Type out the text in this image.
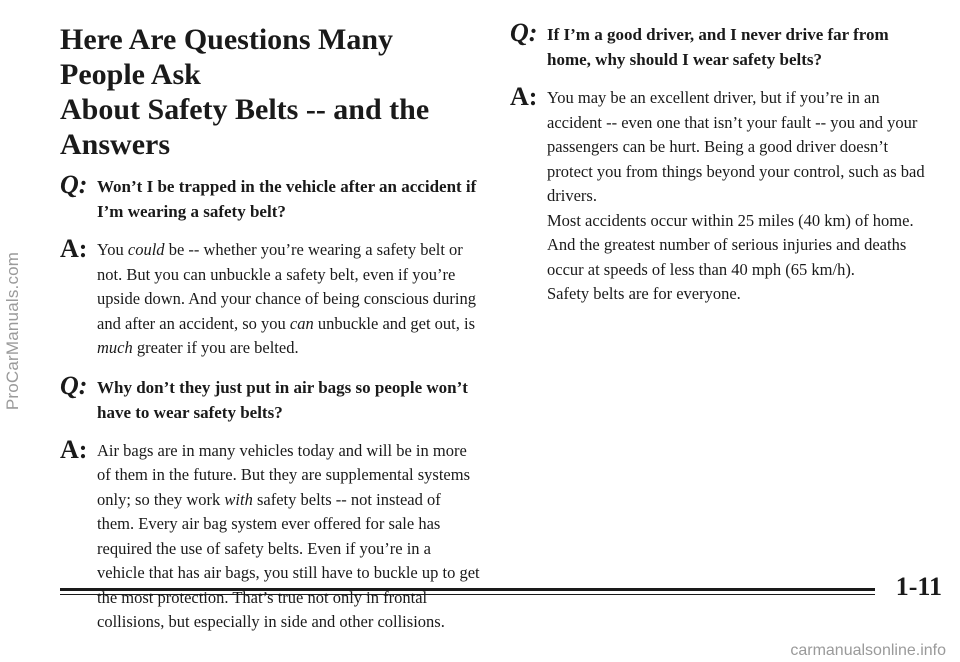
ProCarManuals.com
Here Are Questions Many People Ask
About Safety Belts -- and the Answers
Q: Won’t I be trapped in the vehicle after an accident if I’m wearing a safety belt?

A: You could be -- whether you’re wearing a safety belt or not. But you can unbuckle a safety belt, even if you’re upside down. And your chance of being conscious during and after an accident, so you can unbuckle and get out, is much greater if you are belted.

Q: Why don’t they just put in air bags so people won’t have to wear safety belts?

A: Air bags are in many vehicles today and will be in more of them in the future. But they are supplemental systems only; so they work with safety belts -- not instead of them. Every air bag system ever offered for sale has required the use of safety belts. Even if you’re in a vehicle that has air bags, you still have to buckle up to get the most protection. That’s true not only in frontal collisions, but especially in side and other collisions.

Q: If I’m a good driver, and I never drive far from home, why should I wear safety belts?

A: You may be an excellent driver, but if you’re in an accident -- even one that isn’t your fault -- you and your passengers can be hurt. Being a good driver doesn’t protect you from things beyond your control, such as bad drivers.

Most accidents occur within 25 miles (40 km) of home. And the greatest number of serious injuries and deaths occur at speeds of less than 40 mph (65 km/h).

Safety belts are for everyone.

1-11
carmanualsonline.info
